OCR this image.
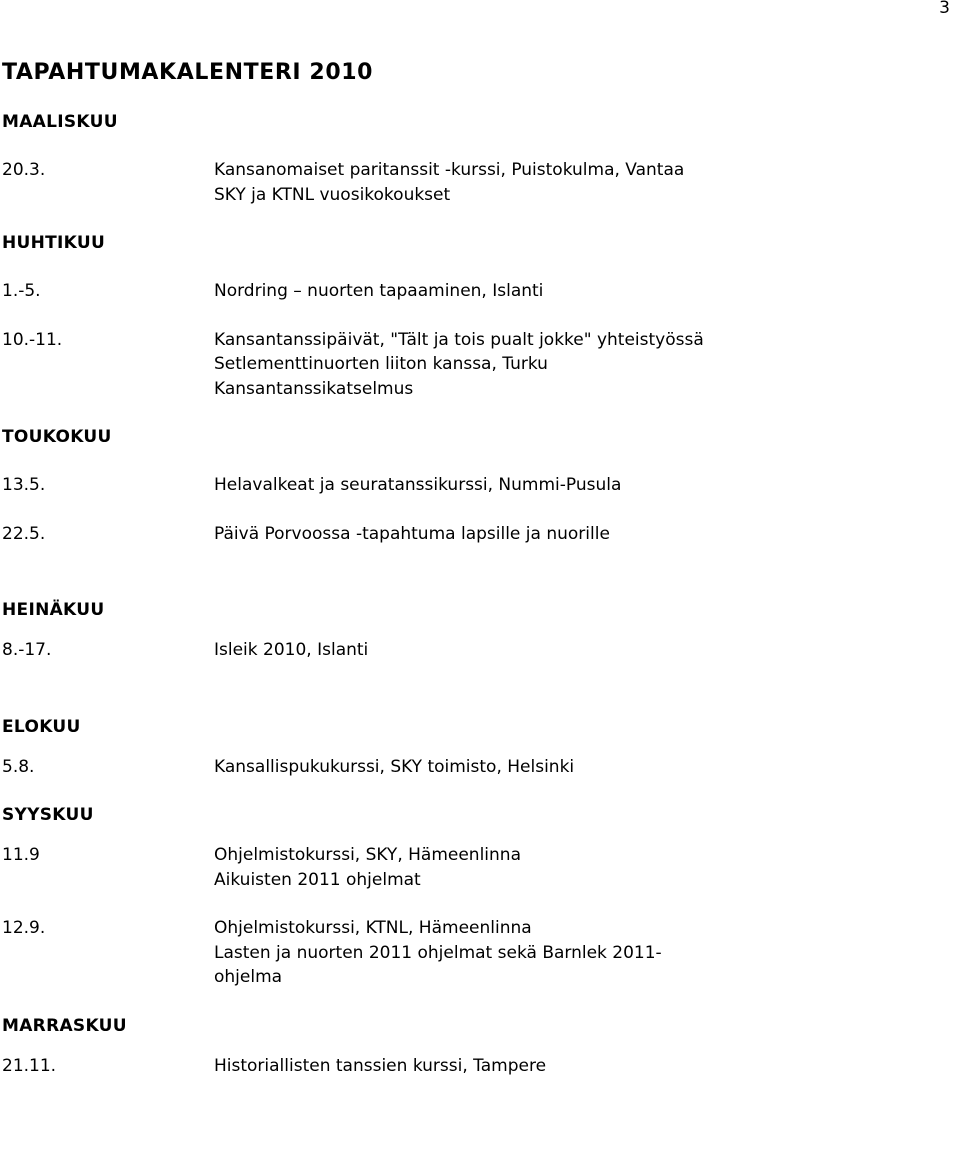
3
TAPAHTUMAKALENTERI 2010
MAALISKUU
20.3.	Kansanomaiset paritanssit -kurssi, Puistokulma, Vantaa
SKY ja KTNL vuosikokoukset
HUHTIKUU
1.-5.	Nordring – nuorten tapaaminen, Islanti
10.-11.	Kansantanssipäivät, "Tält ja tois pualt jokke" yhteistyössä
Setlementtinuorten liiton kanssa, Turku
Kansantanssikatselmus
TOUKOKUU
13.5.	Helavalkeat ja seuratanssikurssi, Nummi-Pusula
22.5.	Päivä Porvoossa -tapahtuma lapsille ja nuorille
HEINÄKUU
8.-17.	Isleik 2010, Islanti
ELOKUU
5.8.	Kansallispukukurssi, SKY toimisto, Helsinki
SYYSKUU
11.9	Ohjelmistokurssi, SKY, Hämeenlinna
Aikuisten 2011 ohjelmat
12.9.	Ohjelmistokurssi, KTNL, Hämeenlinna
Lasten ja nuorten 2011 ohjelmat sekä Barnlek 2011-
ohjelma
MARRASKUU
21.11.	Historiallisten tanssien kurssi, Tampere
